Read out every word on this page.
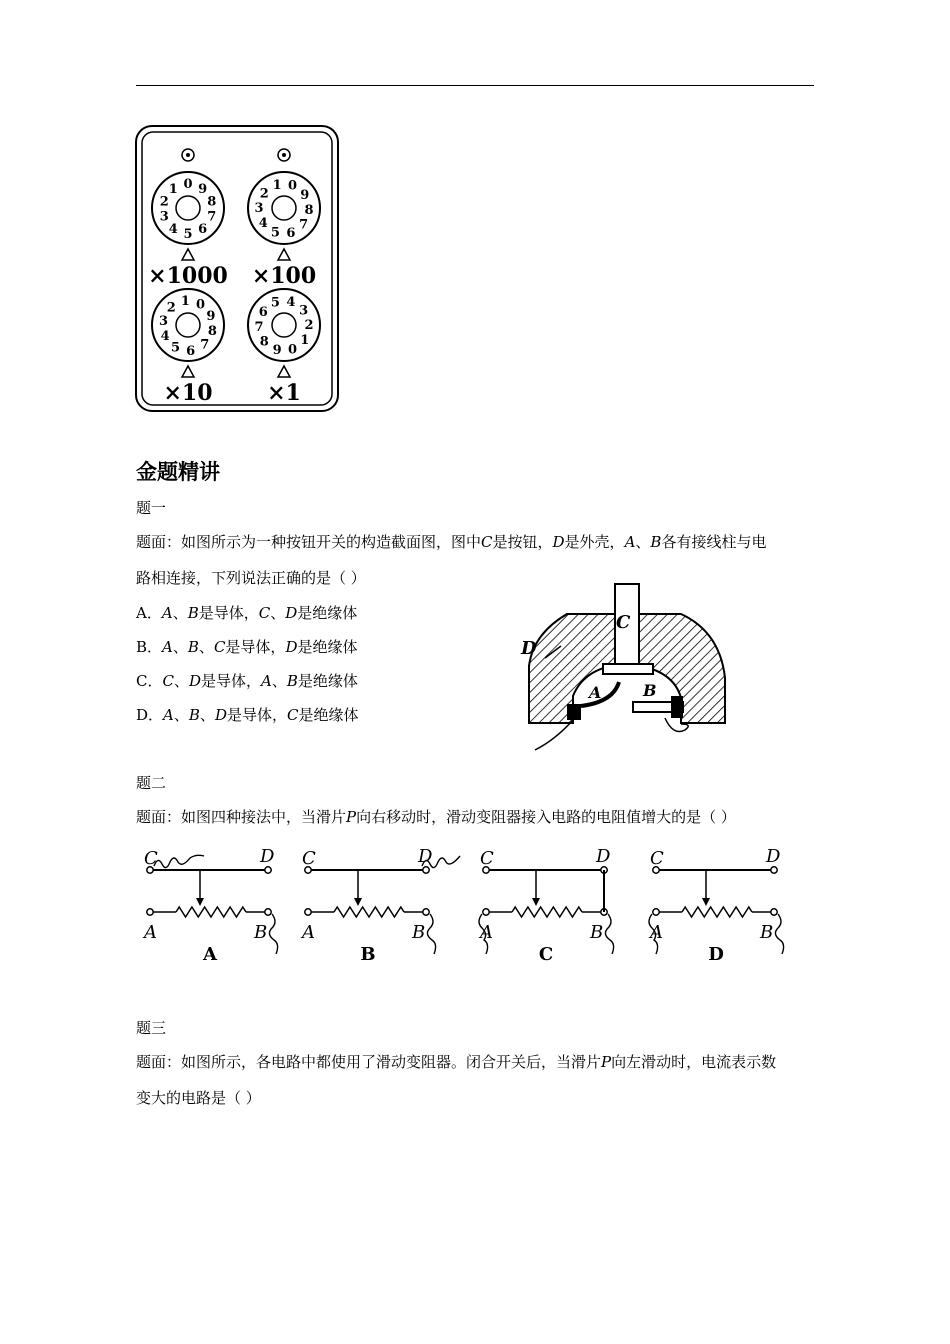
0
1
2
3
4 5 6
7
8
9
×1000
0
1
2
3
4
5 6
7
8
9
×100
0
1
2
3
4
5 6 7
8
9
×10
0
1
2
3
4
5
6
7
8
9
×1
金题精讲
题一
题面：如图所示为一种按钮开关的构造截面图，图中C是按钮，D是外壳，A、B各有接线柱与电
路相连接，下列说法正确的是（ ）
A．A、B是导体，C、D是绝缘体
B．A、B、C是导体，D是绝缘体
C．C、D是导体，A、B是绝缘体
D．A、B、D是导体，C是绝缘体
C
D
A	B
题二
题面：如图四种接法中，当滑片P向右移动时，滑动变阻器接入电路的电阻值增大的是（ ）
C	D
A	B
A
C	D
A	B
B
C	D
A	B
C
C	D
A	B
D
题三
题面：如图所示，各电路中都使用了滑动变阻器。闭合开关后，当滑片P向左滑动时，电流表示数
变大的电路是（ ）
